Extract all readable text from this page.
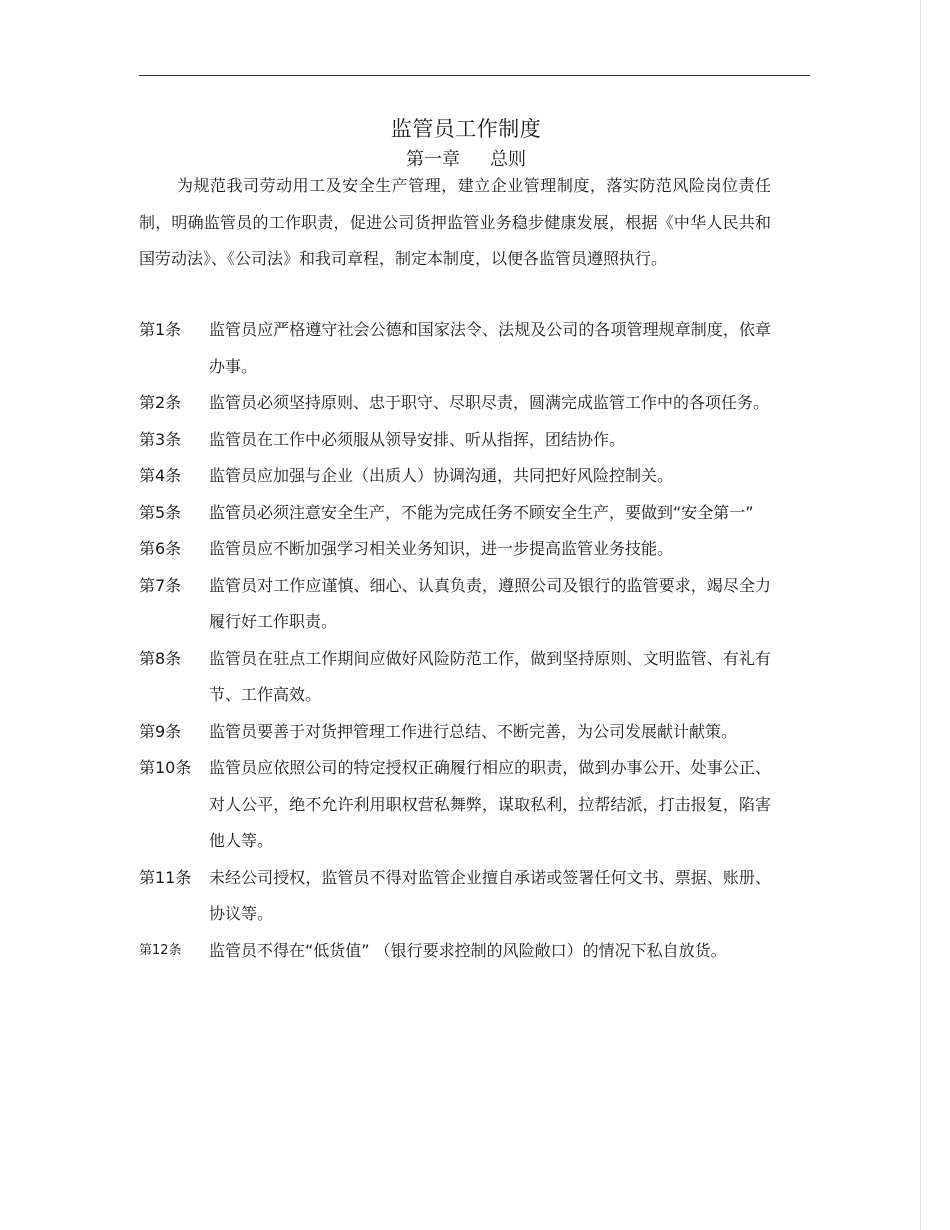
监管员工作制度
第一章 总则

为规范我司劳动用工及安全生产管理，建立企业管理制度，落实防范风险岗位责任制，明确监管员的工作职责，促进公司货押监管业务稳步健康发展，根据《中华人民共和国劳动法》、《公司法》和我司章程，制定本制度，以便各监管员遵照执行。

第1条 监管员应严格遵守社会公德和国家法令、法规及公司的各项管理规章制度，依章办事。
第2条 监管员必须坚持原则、忠于职守、尽职尽责，圆满完成监管工作中的各项任务。
第3条 监管员在工作中必须服从领导安排、听从指挥，团结协作。
第4条 监管员应加强与企业（出质人）协调沟通，共同把好风险控制关。
第5条 监管员必须注意安全生产，不能为完成任务不顾安全生产，要做到“安全第一”
第6条 监管员应不断加强学习相关业务知识，进一步提高监管业务技能。
第7条 监管员对工作应谨慎、细心、认真负责，遵照公司及银行的监管要求，竭尽全力履行好工作职责。
第8条 监管员在驻点工作期间应做好风险防范工作，做到坚持原则、文明监管、有礼有节、工作高效。
第9条 监管员要善于对货押管理工作进行总结、不断完善，为公司发展献计献策。
第10条 监管员应依照公司的特定授权正确履行相应的职责，做到办事公开、处事公正、对人公平，绝不允许利用职权营私舞弊，谋取私利，拉帮结派，打击报复，陷害他人等。
第11条 未经公司授权，监管员不得对监管企业擅自承诺或签署任何文书、票据、账册、协议等。
第12条 监管员不得在“低货值” （银行要求控制的风险敞口）的情况下私自放货。
